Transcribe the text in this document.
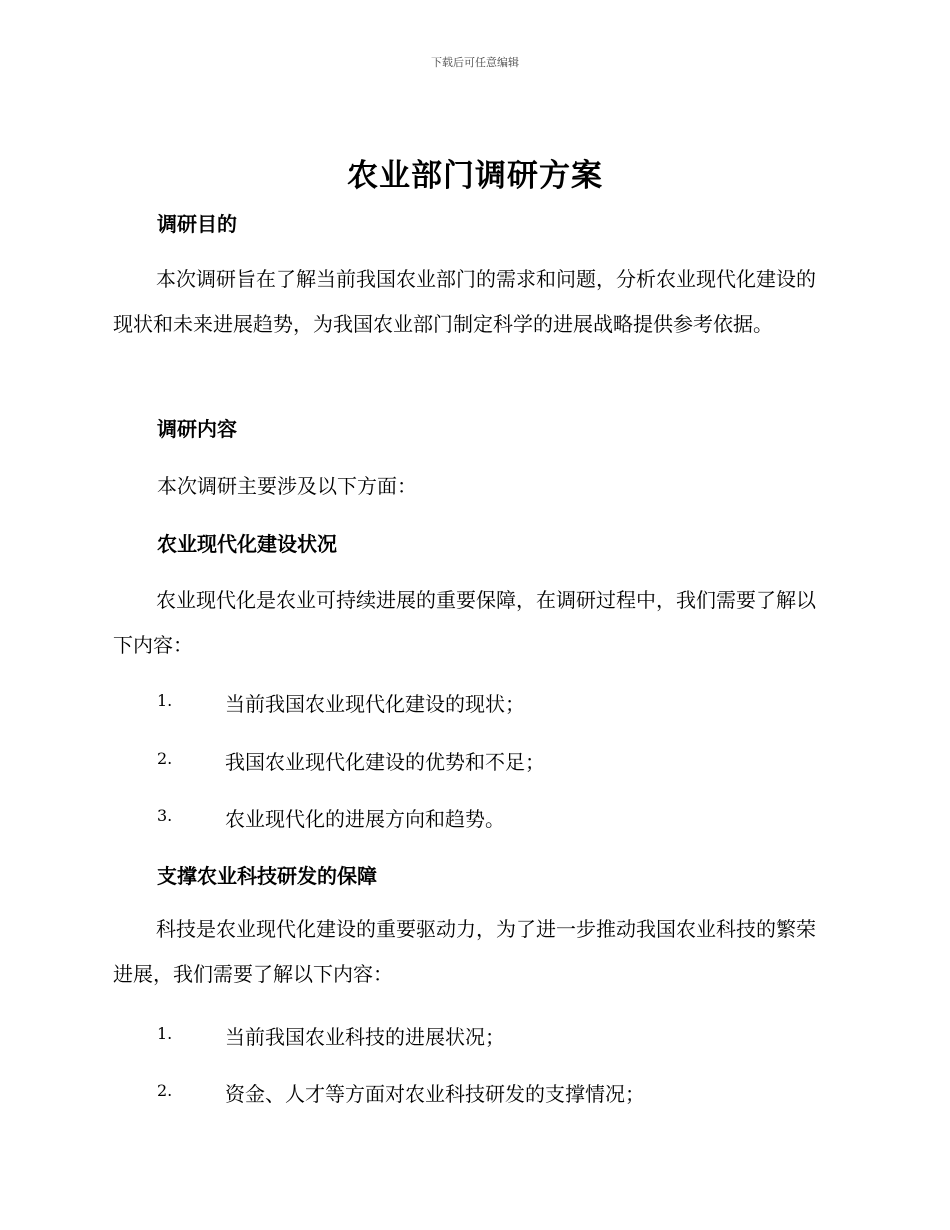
下载后可任意编辑
农业部门调研方案
调研目的

本次调研旨在了解当前我国农业部门的需求和问题，分析农业现代化建设的现状和未来进展趋势，为我国农业部门制定科学的进展战略提供参考依据。

调研内容
本次调研主要涉及以下方面：
农业现代化建设状况

农业现代化是农业可持续进展的重要保障，在调研过程中，我们需要了解以下内容：

1.	当前我国农业现代化建设的现状；
2.	我国农业现代化建设的优势和不足；
3.	农业现代化的进展方向和趋势。
支撑农业科技研发的保障

科技是农业现代化建设的重要驱动力，为了进一步推动我国农业科技的繁荣进展，我们需要了解以下内容：

1.	当前我国农业科技的进展状况；
2.	资金、人才等方面对农业科技研发的支撑情况；
